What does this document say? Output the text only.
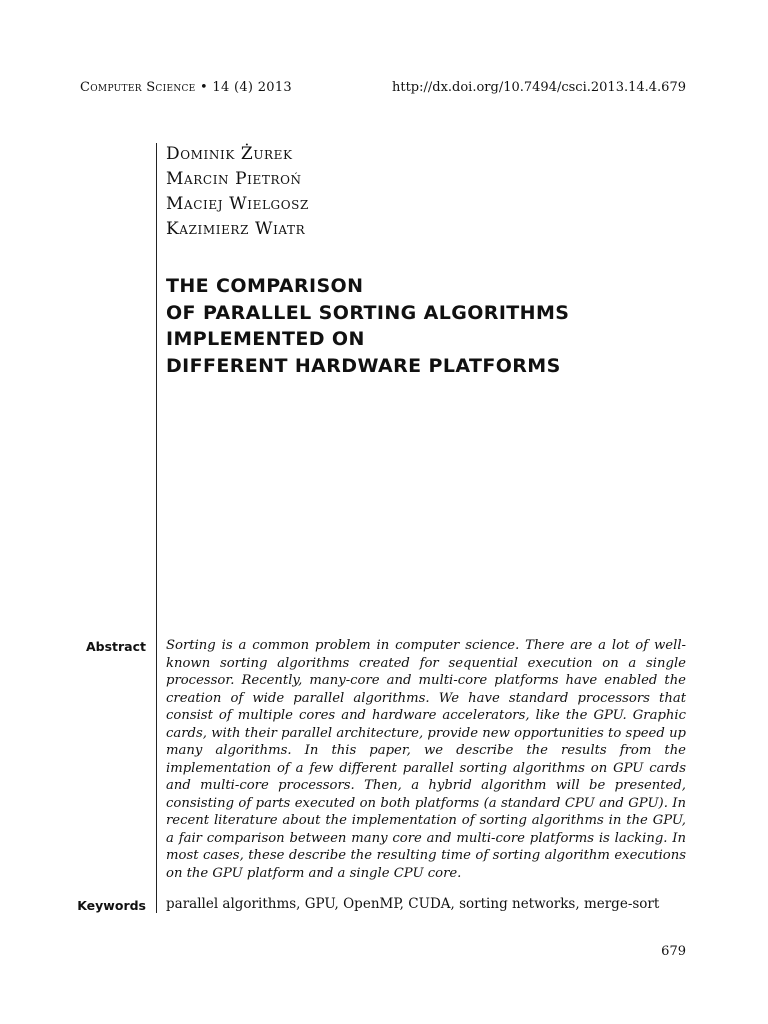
Computer Science • 14 (4) 2013	http://dx.doi.org/10.7494/csci.2013.14.4.679
Dominik Żurek
Marcin Pietroń
Maciej Wielgosz
Kazimierz Wiatr
THE COMPARISON
OF PARALLEL SORTING ALGORITHMS
IMPLEMENTED ON
DIFFERENT HARDWARE PLATFORMS
Abstract Sorting is a common problem in computer science. There are a lot of well-known sorting algorithms created for sequential execution on a single processor. Recently, many-core and multi-core platforms have enabled the creation of wide parallel algorithms. We have standard processors that consist of multiple cores and hardware accelerators, like the GPU. Graphic cards, with their parallel architecture, provide new opportunities to speed up many algorithms. In this paper, we describe the results from the implementation of a few different parallel sorting algorithms on GPU cards and multi-core processors. Then, a hybrid algorithm will be presented, consisting of parts executed on both platforms (a standard CPU and GPU). In recent literature about the implementation of sorting algorithms in the GPU, a fair comparison between many core and multi-core platforms is lacking. In most cases, these describe the resulting time of sorting algorithm executions on the GPU platform and a single CPU core.
Keywords parallel algorithms, GPU, OpenMP, CUDA, sorting networks, merge-sort
679
